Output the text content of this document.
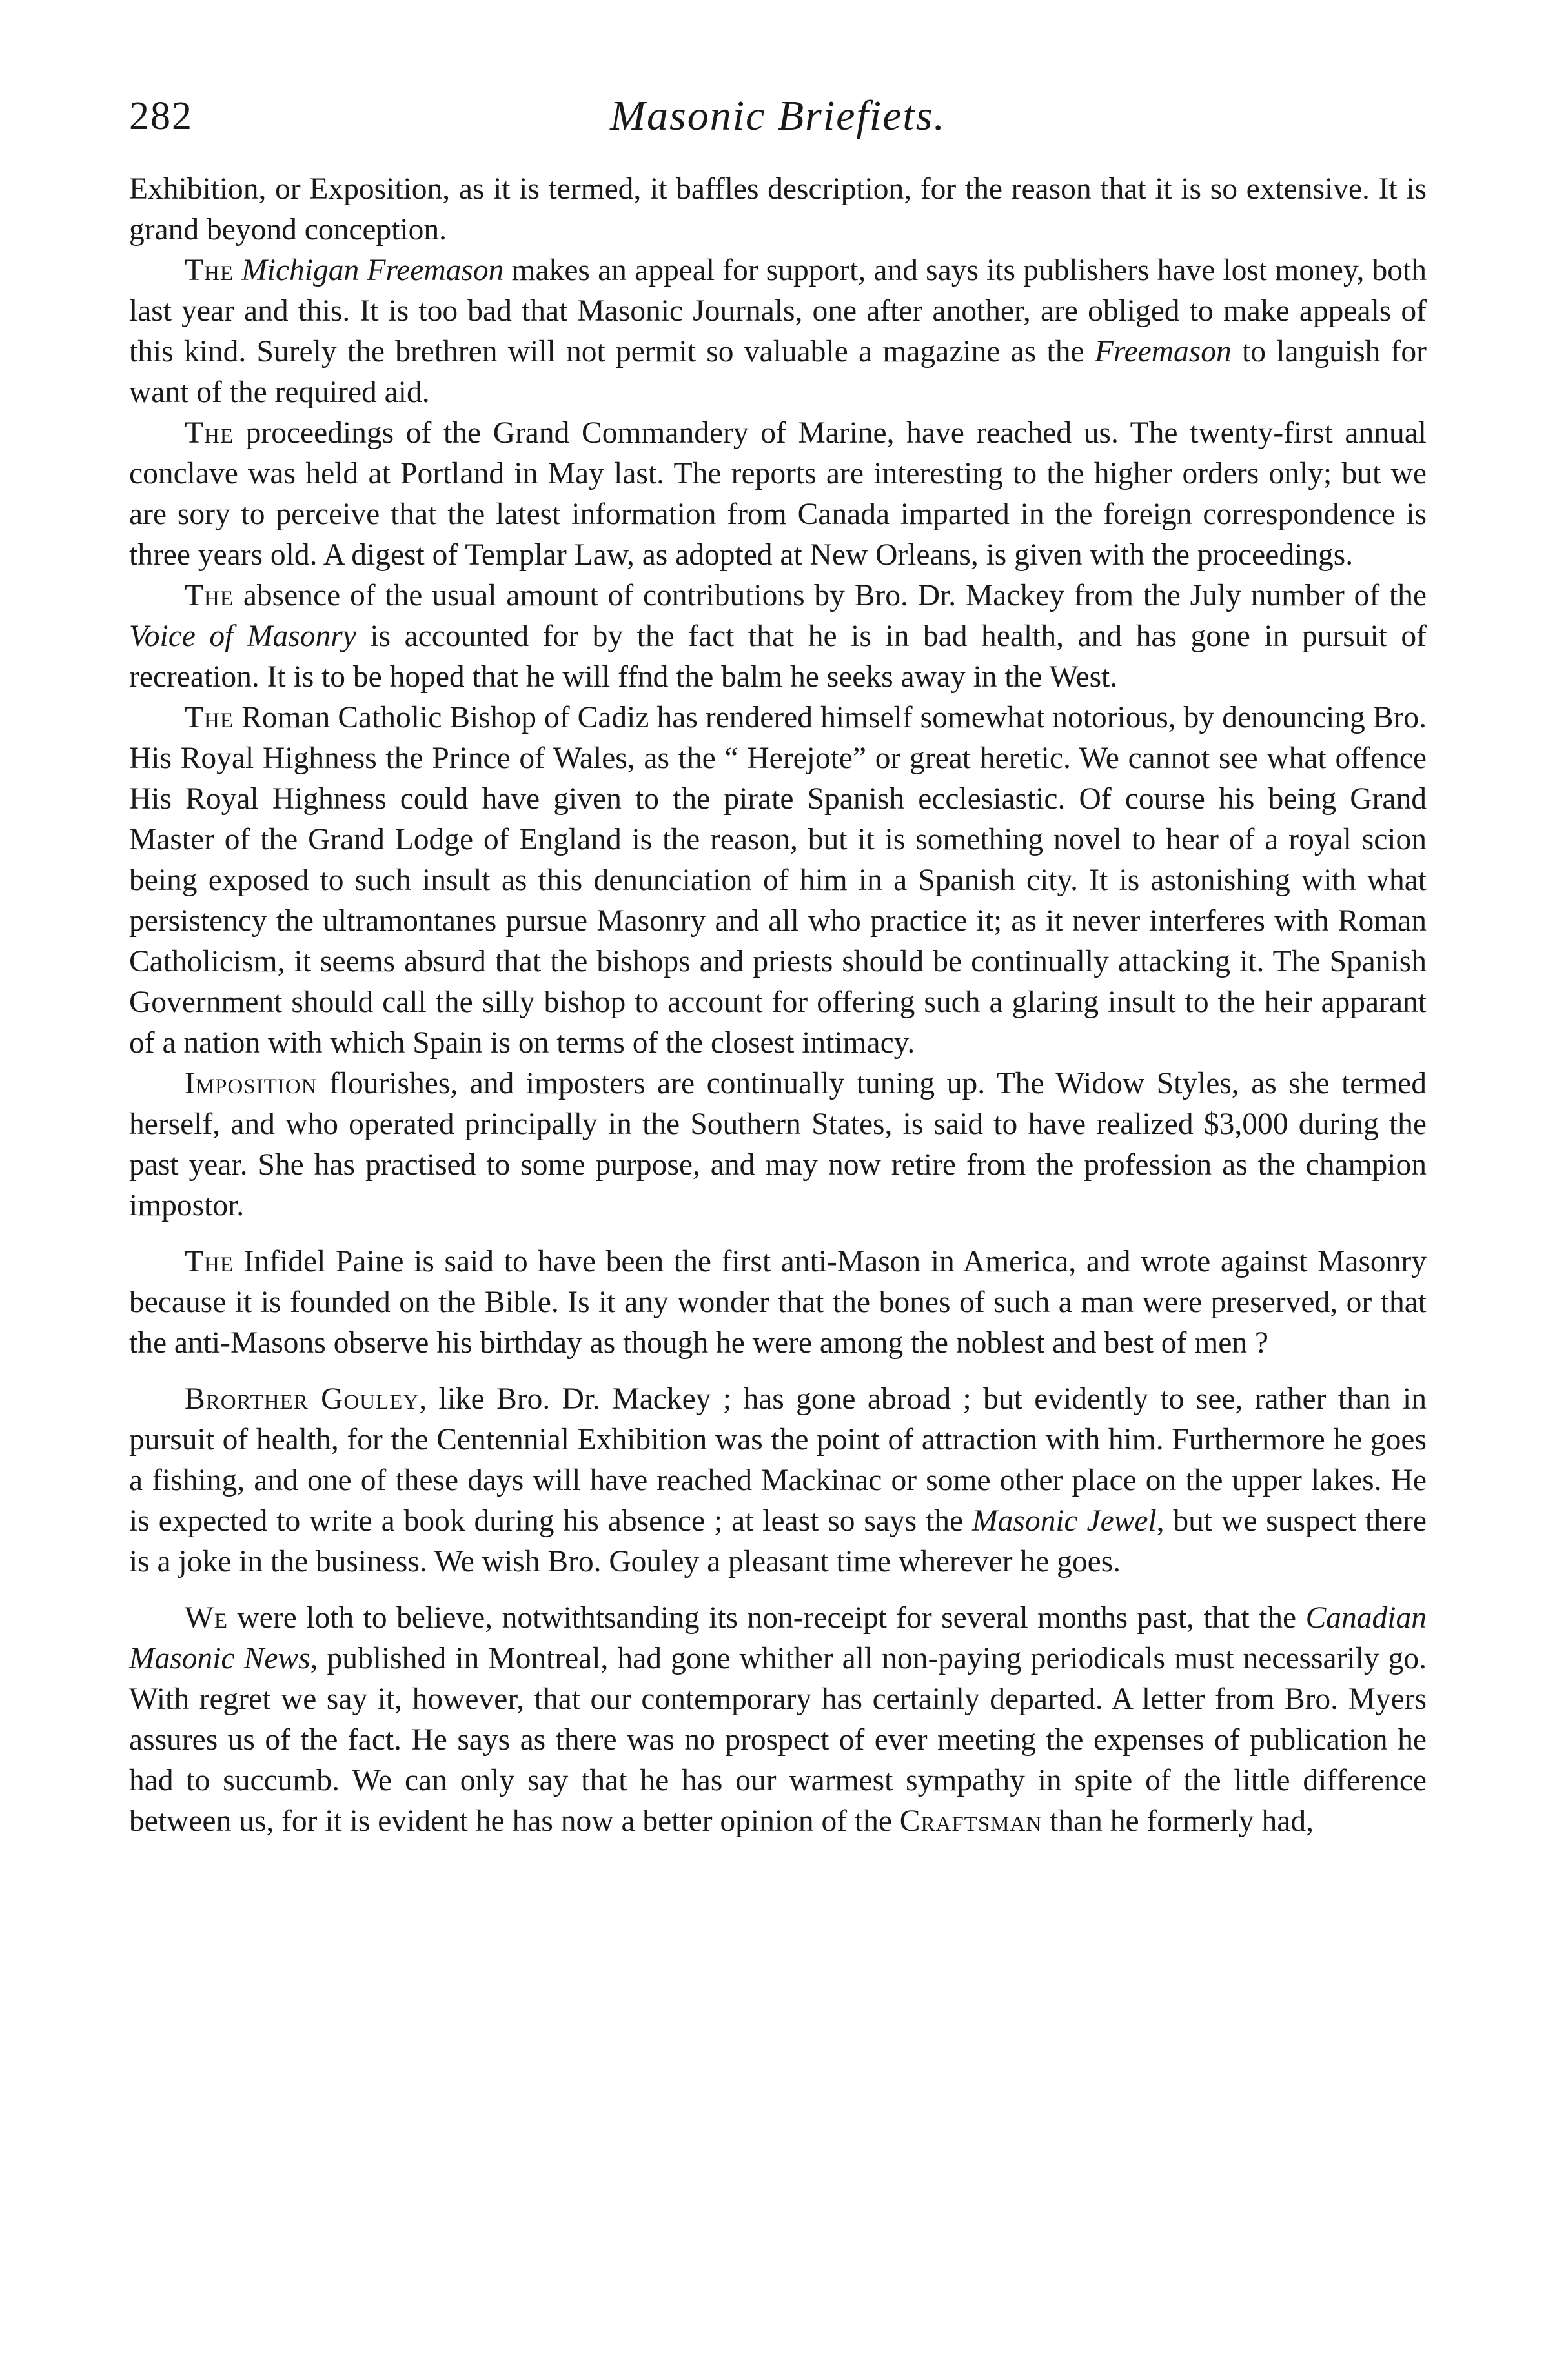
282	Masonic Briefiets.

Exhibition, or Exposition, as it is termed, it baffles description, for the reason that it is so extensive. It is grand beyond conception.

The Michigan Freemason makes an appeal for support, and says its publishers have lost money, both last year and this. It is too bad that Masonic Journals, one after another, are obliged to make appeals of this kind. Surely the brethren will not permit so valuable a magazine as the Freemason to languish for want of the required aid.

The proceedings of the Grand Commandery of Marine, have reached us. The twenty-first annual conclave was held at Portland in May last. The reports are interesting to the higher orders only; but we are sory to perceive that the latest information from Canada imparted in the foreign correspondence is three years old. A digest of Templar Law, as adopted at New Orleans, is given with the proceedings.

The absence of the usual amount of contributions by Bro. Dr. Mackey from the July number of the Voice of Masonry is accounted for by the fact that he is in bad health, and has gone in pursuit of recreation. It is to be hoped that he will ffnd the balm he seeks away in the West.

The Roman Catholic Bishop of Cadiz has rendered himself somewhat notorious, by denouncing Bro. His Royal Highness the Prince of Wales, as the “ Herejote” or great heretic. We cannot see what offence His Royal Highness could have given to the pirate Spanish ecclesiastic. Of course his being Grand Master of the Grand Lodge of England is the reason, but it is something novel to hear of a royal scion being exposed to such insult as this denunciation of him in a Spanish city. It is astonishing with what persistency the ultramontanes pursue Masonry and all who practice it; as it never interferes with Roman Catholicism, it seems absurd that the bishops and priests should be continually attacking it. The Spanish Government should call the silly bishop to account for offering such a glaring insult to the heir apparant of a nation with which Spain is on terms of the closest intimacy.

Imposition flourishes, and imposters are continually tuning up. The Widow Styles, as she termed herself, and who operated principally in the Southern States, is said to have realized $3,000 during the past year. She has practised to some purpose, and may now retire from the profession as the champion impostor.

The Infidel Paine is said to have been the first anti-Mason in America, and wrote against Masonry because it is founded on the Bible. Is it any wonder that the bones of such a man were preserved, or that the anti-Masons observe his birthday as though he were among the noblest and best of men ?

Brorther Gouley, like Bro. Dr. Mackey ; has gone abroad ; but evidently to see, rather than in pursuit of health, for the Centennial Exhibition was the point of attraction with him. Furthermore he goes a fishing, and one of these days will have reached Mackinac or some other place on the upper lakes. He is expected to write a book during his absence ; at least so says the Masonic Jewel, but we suspect there is a joke in the business. We wish Bro. Gouley a pleasant time wherever he goes.

We were loth to believe, notwithtsanding its non-receipt for several months past, that the Canadian Masonic News, published in Montreal, had gone whither all non-paying periodicals must necessarily go. With regret we say it, however, that our contemporary has certainly departed. A letter from Bro. Myers assures us of the fact. He says as there was no prospect of ever meeting the expenses of publication he had to succumb. We can only say that he has our warmest sympathy in spite of the little difference between us, for it is evident he has now a better opinion of the Craftsman than he formerly had,
